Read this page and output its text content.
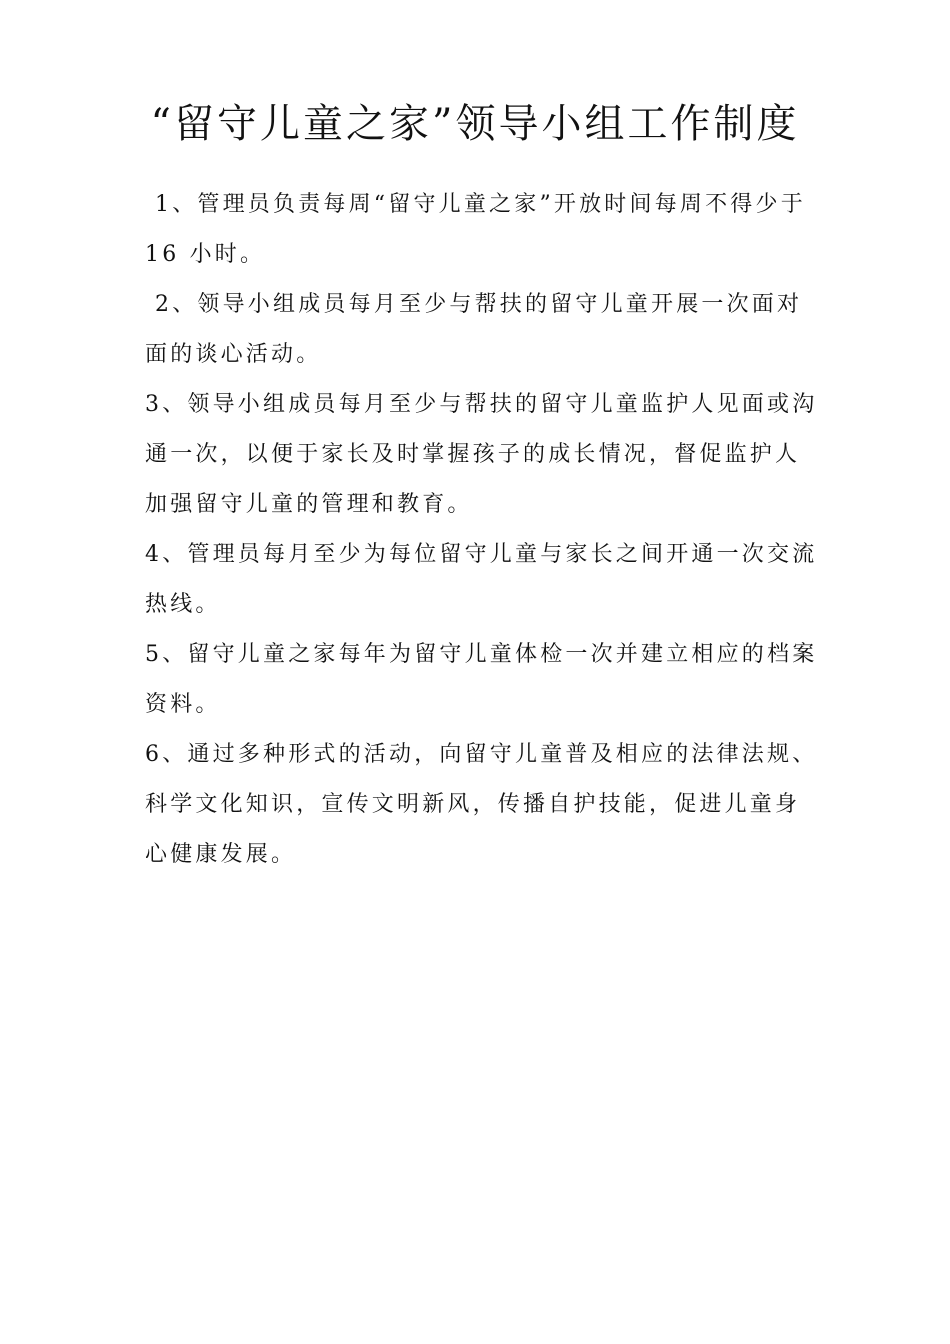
“留守儿童之家”领导小组工作制度
1、管理员负责每周“留守儿童之家”开放时间每周不得少于 16 小时。
2、领导小组成员每月至少与帮扶的留守儿童开展一次面对面的谈心活动。
3、领导小组成员每月至少与帮扶的留守儿童监护人见面或沟通一次，以便于家长及时掌握孩子的成长情况，督促监护人加强留守儿童的管理和教育。
4、管理员每月至少为每位留守儿童与家长之间开通一次交流热线。
5、留守儿童之家每年为留守儿童体检一次并建立相应的档案资料。
6、通过多种形式的活动，向留守儿童普及相应的法律法规、科学文化知识，宣传文明新风，传播自护技能，促进儿童身心健康发展。
